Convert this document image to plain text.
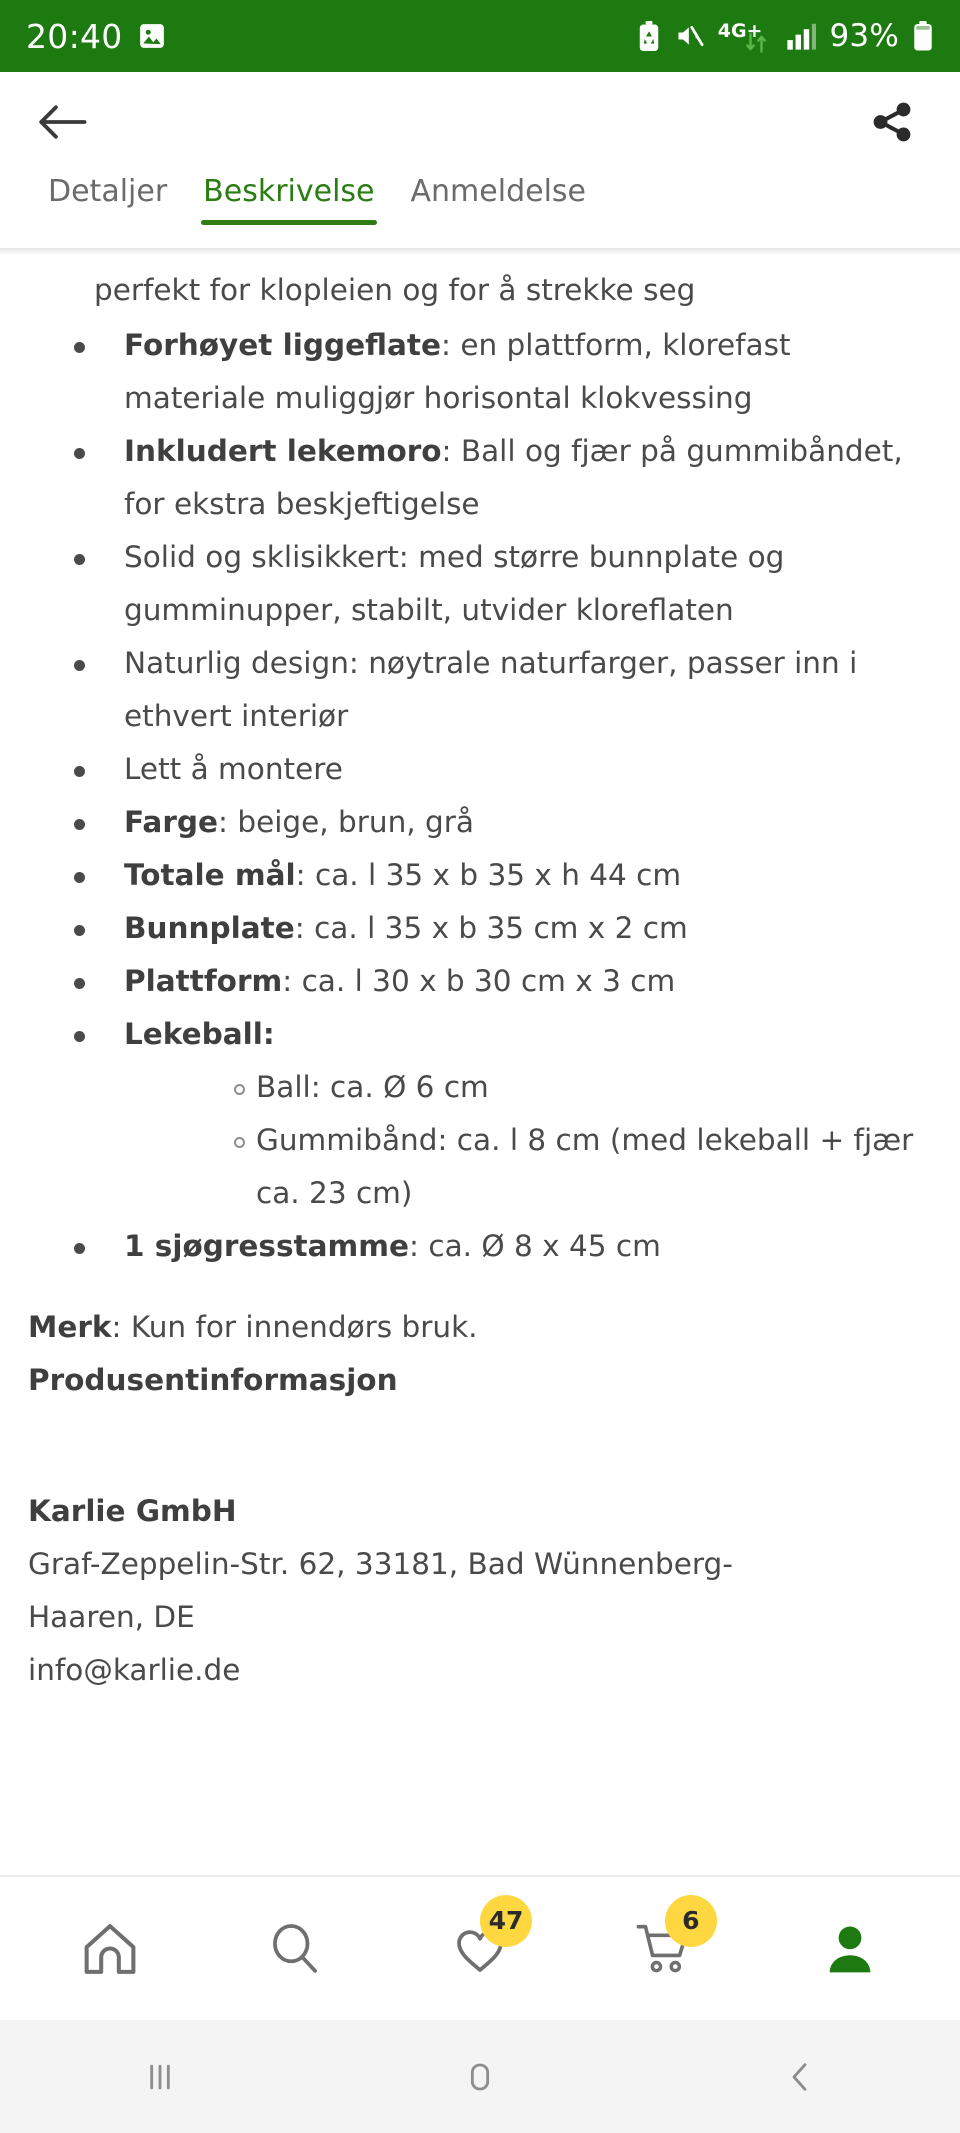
20:40	4G+ 93%
Detaljer Beskrivelse Anmeldelse

perfekt for klopleien og for å strekke seg

Forhøyet liggeflate: en plattform, klorefast materiale muliggjør horisontal klokvessing
Inkludert lekemoro: Ball og fjær på gummibåndet, for ekstra beskjeftigelse
Solid og sklisikkert: med større bunnplate og gumminupper, stabilt, utvider kloreflaten
Naturlig design: nøytrale naturfarger, passer inn i ethvert interiør
Lett å montere
Farge: beige, brun, grå
Totale mål: ca. l 35 x b 35 x h 44 cm
Bunnplate: ca. l 35 x b 35 cm x 2 cm
Plattform: ca. l 30 x b 30 cm x 3 cm
Lekeball:
Ball: ca. Ø 6 cm
Gummibånd: ca. l 8 cm (med lekeball + fjær ca. 23 cm)
1 sjøgresstamme: ca. Ø 8 x 45 cm

Merk: Kun for innendørs bruk.

Produsentinformasjon

Karlie GmbH
Graf-Zeppelin-Str. 62, 33181, Bad Wünnenberg-
Haaren, DE
info@karlie.de
47	6
